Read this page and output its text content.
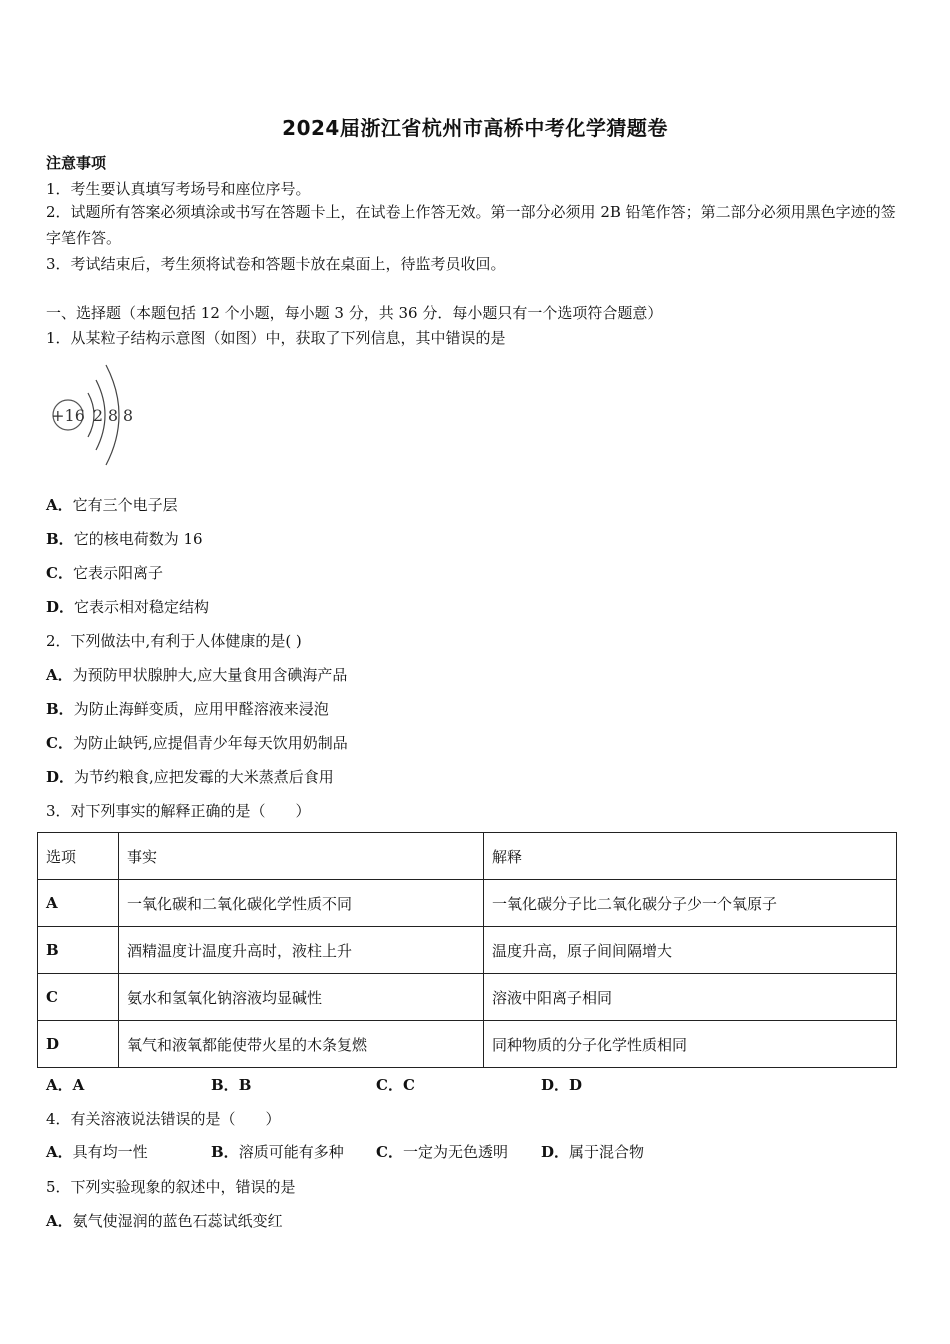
2024届浙江省杭州市高桥中考化学猜题卷
注意事项
1．考生要认真填写考场号和座位序号。
2．试题所有答案必须填涂或书写在答题卡上，在试卷上作答无效。第一部分必须用 2B 铅笔作答；第二部分必须用黑色字迹的签字笔作答。
3．考试结束后，考生须将试卷和答题卡放在桌面上，待监考员收回。
一、选择题（本题包括 12 个小题，每小题 3 分，共 36 分．每小题只有一个选项符合题意）
1．从某粒子结构示意图（如图）中，获取了下列信息，其中错误的是
+16 2 8 8
A．它有三个电子层
B．它的核电荷数为 16
C．它表示阳离子
D．它表示相对稳定结构
2．下列做法中,有利于人体健康的是( )
A．为预防甲状腺肿大,应大量食用含碘海产品
B．为防止海鲜变质，应用甲醛溶液来浸泡
C．为防止缺钙,应提倡青少年每天饮用奶制品
D．为节约粮食,应把发霉的大米蒸煮后食用
3．对下列事实的解释正确的是（　　）
选项	事实	解释
A	一氧化碳和二氧化碳化学性质不同	一氧化碳分子比二氧化碳分子少一个氧原子
B	酒精温度计温度升高时，液柱上升	温度升高，原子间间隔增大
C	氨水和氢氧化钠溶液均显碱性	溶液中阳离子相同
D	氧气和液氧都能使带火星的木条复燃	同种物质的分子化学性质相同
A．A	B．B	C．C	D．D
4．有关溶液说法错误的是（　　）
A．具有均一性	B．溶质可能有多种 C．一定为无色透明 D．属于混合物
5．下列实验现象的叙述中，错误的是
A．氨气使湿润的蓝色石蕊试纸变红
